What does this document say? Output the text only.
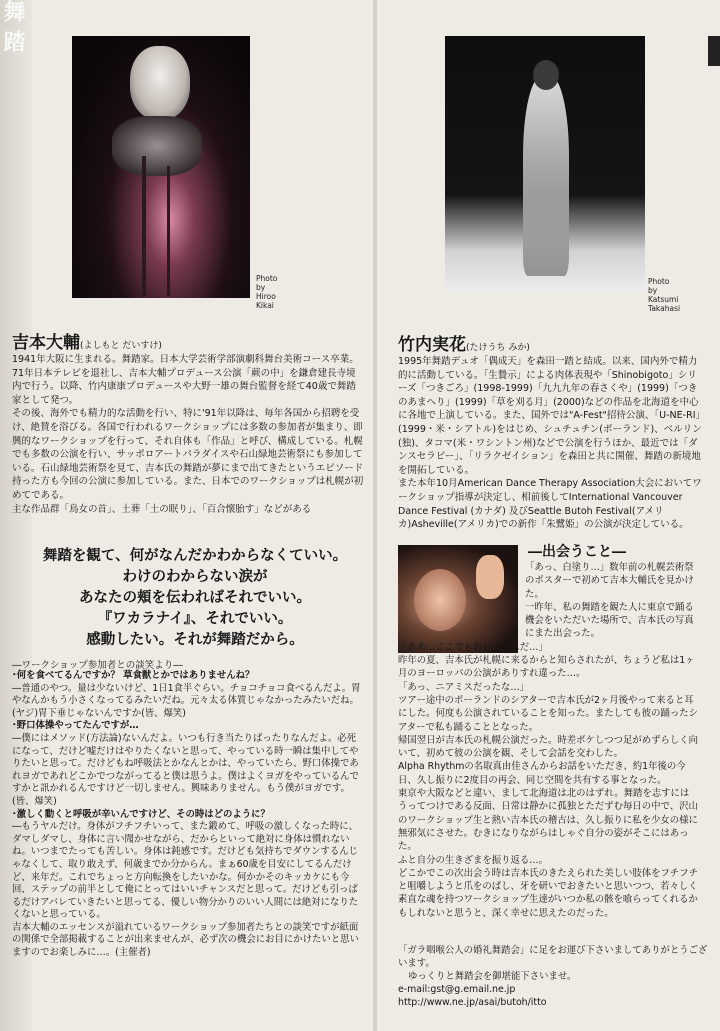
舞踏
Photo
by
Hiroo
Kikai
Photo
by
Katsumi
Takahasi
吉本大輔(よしもと だいすけ)

1941年大阪に生まれる。舞踏家。日本大学芸術学部演劇科舞台美術コース卒業。71年日本テレビを退社し、吉本大輔プロデュース公演「蕨の中」を鎌倉建長寺境内で行う。以降、竹内康康プロデュースや大野一雄の舞台監督を経て40歳で舞踏家として発つ。

その後、海外でも精力的な活動を行い、特に'91年以降は、毎年各国から招聘を受け、絶賛を浴びる。各国で行われるワークショップには多数の参加者が集まり、即興的なワークショップを行って、それ自体も「作品」と呼び、構成している。札幌でも多数の公演を行い、サッポロアートパラダイスや石山緑地芸術祭にも参加している。石山緑地芸術祭を見て、吉本氏の舞踏が夢にまで出てきたというエピソード持った方も今回の公演に参加している。また、日本でのワークショップは札幌が初めてである。

主な作品群「鳥女の首」、土葬「土の眠り」、「百合懐胎す」などがある

舞踏を観て、何がなんだかわからなくていい。
わけのわからない涙が
あなたの頬を伝わればそれでいい。
『ワカラナイ』、それでいい。
感動したい。それが舞踏だから。
―ワークショップ参加者との談笑より―
･何を食べてるんですか？ 草食獣とかではありませんね？
―普通のやつ。量は少ないけど、1日1食半ぐらい。チョコチョコ食べるんだよ。胃やなんかもう小さくなってるみたいだね。元々太る体質じゃなかったみたいだね。
(ヤジ)胃下垂じゃないんですか(皆、爆笑)
･野口体操やってたんですが…
―僕にはメソッド(方法論)ないんだよ。いつも行き当たりばったりなんだよ。必死になって、だけど嘘だけはやりたくないと思って、やっている時一瞬は集中してやりたいと思って。だけどもね呼吸法とかなんとかは、やっていたら、野口体操であれヨガであれどこかでつながってると僕は思うよ。僕はよくヨガをやっているんですかと訊かれるんですけど一切しません。興味ありません。もう僕がヨガです。(皆、爆笑)
･激しく動くと呼吸が辛いんですけど、その時はどのように？
―もうヤルだけ。身体がフチフチいって、また鍛めて、呼吸の激しくなった時に、ダマしダマし、身体に言い聞かせながら、だからといって絶対に身体は慣れないね。いつまでたっても苦しい。身体は鈍感です。だけども気持ちでダウンするんじゃなくして、取り敢えず、何歳までか分からん。まぁ60歳を目安にしてるんだけど、来年だ。これでちょっと方向転換をしたいかな。何かかそのキッカケにも今回、ステップの前半として俺にとってはいいチャンスだと思って。だけども引っぱるだけアバレていきたいと思ってる、優しい物分かりのいい人間には絶対になりたくないと思っている。
吉本大輔のエッセンスが溢れているワークショップ参加者たちとの談笑ですが紙面の関係で全部掲載することが出来ませんが、必ず次の機会にお目にかけたいと思いますのでお楽しみに…。(主催者)
竹内実花(たけうち みか)

1995年舞踏デュオ「偶成天」を森田一踏と結成。以来、国内外で精力的に活動している。「生贄示」による肉体表現や「Shinobigoto」シリーズ「つきごろ」(1998-1999)「九九九年の春さくや」(1999)「つきのあまへり」(1999)「草を刈る月」(2000)などの作品を北海道を中心に各地で上演している。また、国外では"A-Fest"招待公演、「U-NE-RI」(1999・米・シアトル)をはじめ、シュチュチン(ポーランド)、ベルリン(独)、タコマ(米・ワシントン州)などで公演を行うほか、最近では「ダンスセラピー」、「リラクゼイション」を森田と共に開催、舞踏の新境地を開拓している。

また本年10月American Dance Therapy Association大会においてワークショップ指導が決定し、相前後してInternational Vancouver Dance Festival (カナダ) 及びSeattle Butoh Festival(アメリカ)Asheville(アメリカ)での新作「朱鷺姫」の公演が決定している。

―出会うこと―
「あっ、白塗り…」数年前の札幌芸術祭のポスターで初めて吉本大輔氏を見かけた。
一昨年、私の舞踏を観た人に東京で踊る機会をいただいた場所で、吉本氏の写真にまた出会った。
「ああ…ここでもおどったんだ…」
昨年の夏、吉本氏が札幌に来るからと知らされたが、ちょうど私は1ヶ月のヨーロッパの公演がありすれ違った…。
「あっ、ニアミスだったな…」
ツアー途中のポーランドのシアターで吉本氏が2ヶ月後やって来ると耳にした。何度も公演されていることを知った。またしても彼の踊ったシアターで私も踊ることとなった。
帰国翌日が吉本氏の札幌公演だった。時差ボケしつつ足がめずらしく向いて、初めて彼の公演を観、そして会話を交わした。
Alpha Rhythmの名取真由佳さんからお話をいただき、約1年後の今日、久し振りに2度目の再会、同じ空間を共有する事となった。
東京や大阪などと違い、まして北海道は北のはずれ。舞踏を志すにはうってつけである反面、日常は静かに孤独とただずむ毎日の中で、沢山のワークショップ生と熱い吉本氏の稽古は、久し振りに私を少女の様に無邪気にさせた。むきになりながらはしゃぐ自分の姿がそこにはあった。
ふと自分の生きざまを振り返る…。
どこかでこの次出会う時は吉本氏のきたえられた美しい肢体をフチフチと咀嚼しようと爪をのばし、牙を研いでおきたいと思いつつ、若々しく素直な魂を持つワークショップ生達がいつか私の骸を喰らってくれるかもしれないと思うと、深く幸せに思えたのだった。
「ガラ咽喉公人の婚礼舞踏会」に足をお運び下さいましてありがとうございます。
ゆっくりと舞踏会を御堪能下さいませ。
e-mail:gst@g.email.ne.jp
http://www.ne.jp/asai/butoh/itto
